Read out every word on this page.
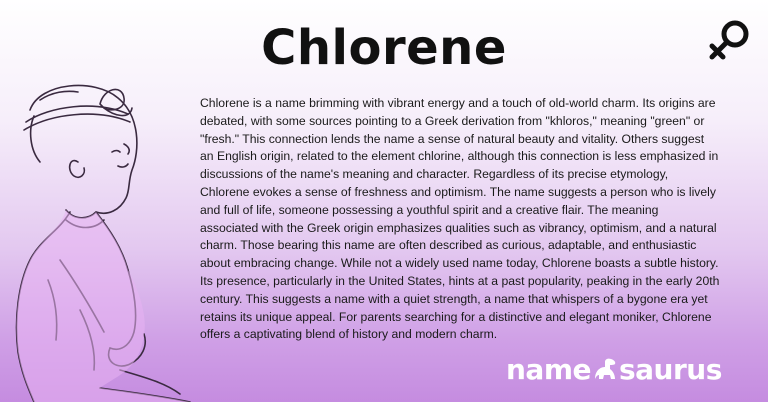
Chlorene

Chlorene is a name brimming with vibrant energy and a touch of old-world charm. Its origins are debated, with some sources pointing to a Greek derivation from "khloros," meaning "green" or "fresh." This connection lends the name a sense of natural beauty and vitality. Others suggest an English origin, related to the element chlorine, although this connection is less emphasized in discussions of the name's meaning and character. Regardless of its precise etymology, Chlorene evokes a sense of freshness and optimism. The name suggests a person who is lively and full of life, someone possessing a youthful spirit and a creative flair. The meaning associated with the Greek origin emphasizes qualities such as vibrancy, optimism, and a natural charm. Those bearing this name are often described as curious, adaptable, and enthusiastic about embracing change. While not a widely used name today, Chlorene boasts a subtle history. Its presence, particularly in the United States, hints at a past popularity, peaking in the early 20th century. This suggests a name with a quiet strength, a name that whispers of a bygone era yet retains its unique appeal. For parents searching for a distinctive and elegant moniker, Chlorene offers a captivating blend of history and modern charm.

name saurus
